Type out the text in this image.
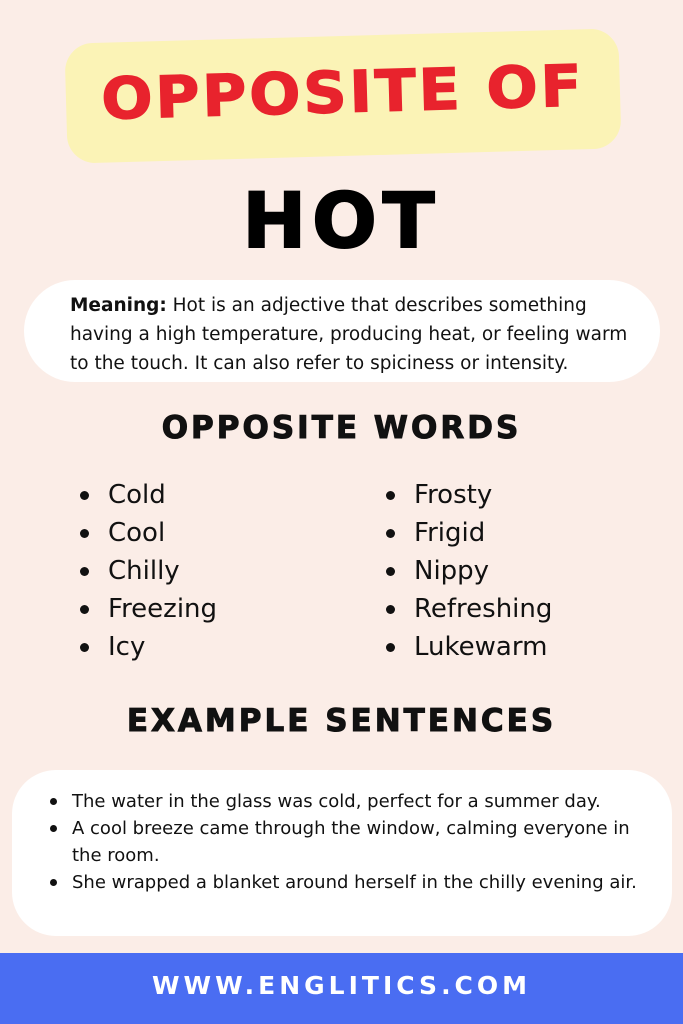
OPPOSITE OF
HOT
Meaning: Hot is an adjective that describes something having a high temperature, producing heat, or feeling warm to the touch. It can also refer to spiciness or intensity.
OPPOSITE WORDS
Cold
Cool
Chilly
Freezing
Icy
Frosty
Frigid
Nippy
Refreshing
Lukewarm
EXAMPLE SENTENCES
The water in the glass was cold, perfect for a summer day.
A cool breeze came through the window, calming everyone in the room.
She wrapped a blanket around herself in the chilly evening air.
WWW.ENGLITICS.COM
